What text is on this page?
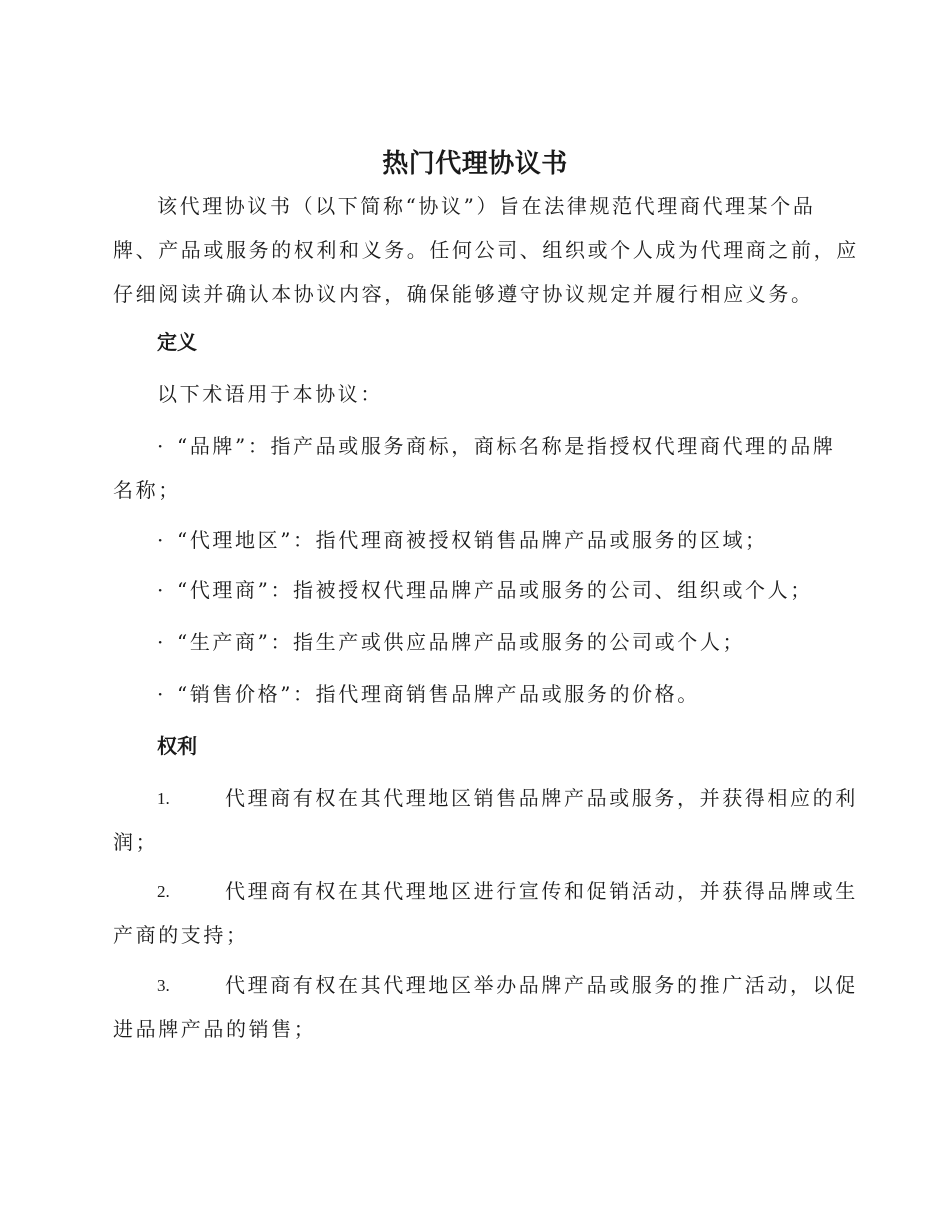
热门代理协议书
该代理协议书（以下简称“协议”）旨在法律规范代理商代理某个品
牌、产品或服务的权利和义务。任何公司、组织或个人成为代理商之前，应
仔细阅读并确认本协议内容，确保能够遵守协议规定并履行相应义务。
定义
以下术语用于本协议：
· “品牌”：指产品或服务商标，商标名称是指授权代理商代理的品牌
名称；
· “代理地区”：指代理商被授权销售品牌产品或服务的区域；
· “代理商”：指被授权代理品牌产品或服务的公司、组织或个人；
· “生产商”：指生产或供应品牌产品或服务的公司或个人；
· “销售价格”：指代理商销售品牌产品或服务的价格。
权利
1.	代理商有权在其代理地区销售品牌产品或服务，并获得相应的利
润；
2.	代理商有权在其代理地区进行宣传和促销活动，并获得品牌或生
产商的支持；
3.	代理商有权在其代理地区举办品牌产品或服务的推广活动，以促
进品牌产品的销售；
